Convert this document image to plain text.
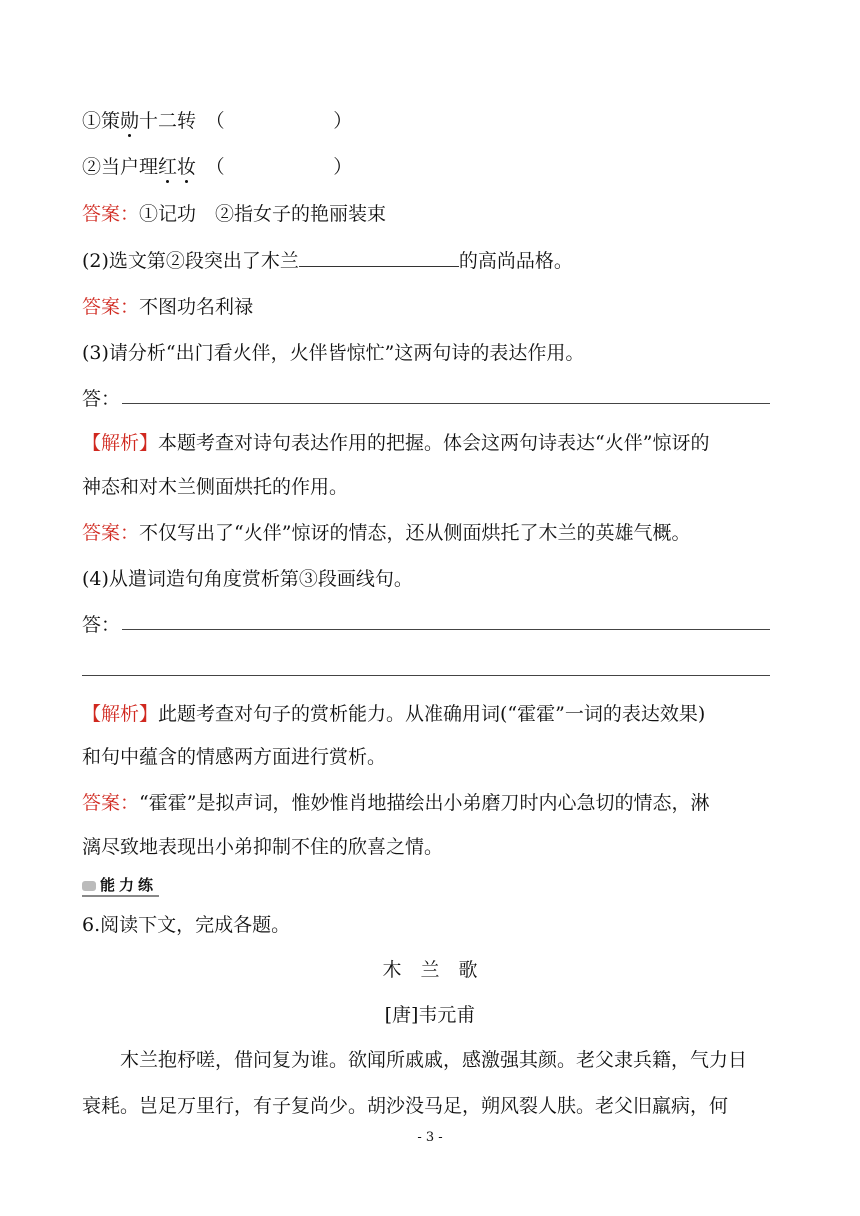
①策勋十二转　 （                  ）
②当户理红妆　 （                  ）
答案：①记功　②指女子的艳丽装束
(2)选文第②段突出了木兰	的高尚品格。
答案：不图功名利禄
(3)请分析“出门看火伴，火伴皆惊忙”这两句诗的表达作用。
答：
【解析】本题考查对诗句表达作用的把握。体会这两句诗表达“火伴”惊讶的
神态和对木兰侧面烘托的作用。
答案：不仅写出了“火伴”惊讶的情态，还从侧面烘托了木兰的英雄气概。
(4)从遣词造句角度赏析第③段画线句。
答：
【解析】此题考查对句子的赏析能力。从准确用词(“霍霍”一词的表达效果)
和句中蕴含的情感两方面进行赏析。
答案：“霍霍”是拟声词，惟妙惟肖地描绘出小弟磨刀时内心急切的情态，淋
漓尽致地表现出小弟抑制不住的欣喜之情。
能力练
6.阅读下文，完成各题。
木　兰　歌
[唐]韦元甫
木兰抱杼嗟，借问复为谁。欲闻所戚戚，感激强其颜。老父隶兵籍，气力日
衰耗。岂足万里行，有子复尚少。胡沙没马足，朔风裂人肤。老父旧羸病，何
- 3 -
